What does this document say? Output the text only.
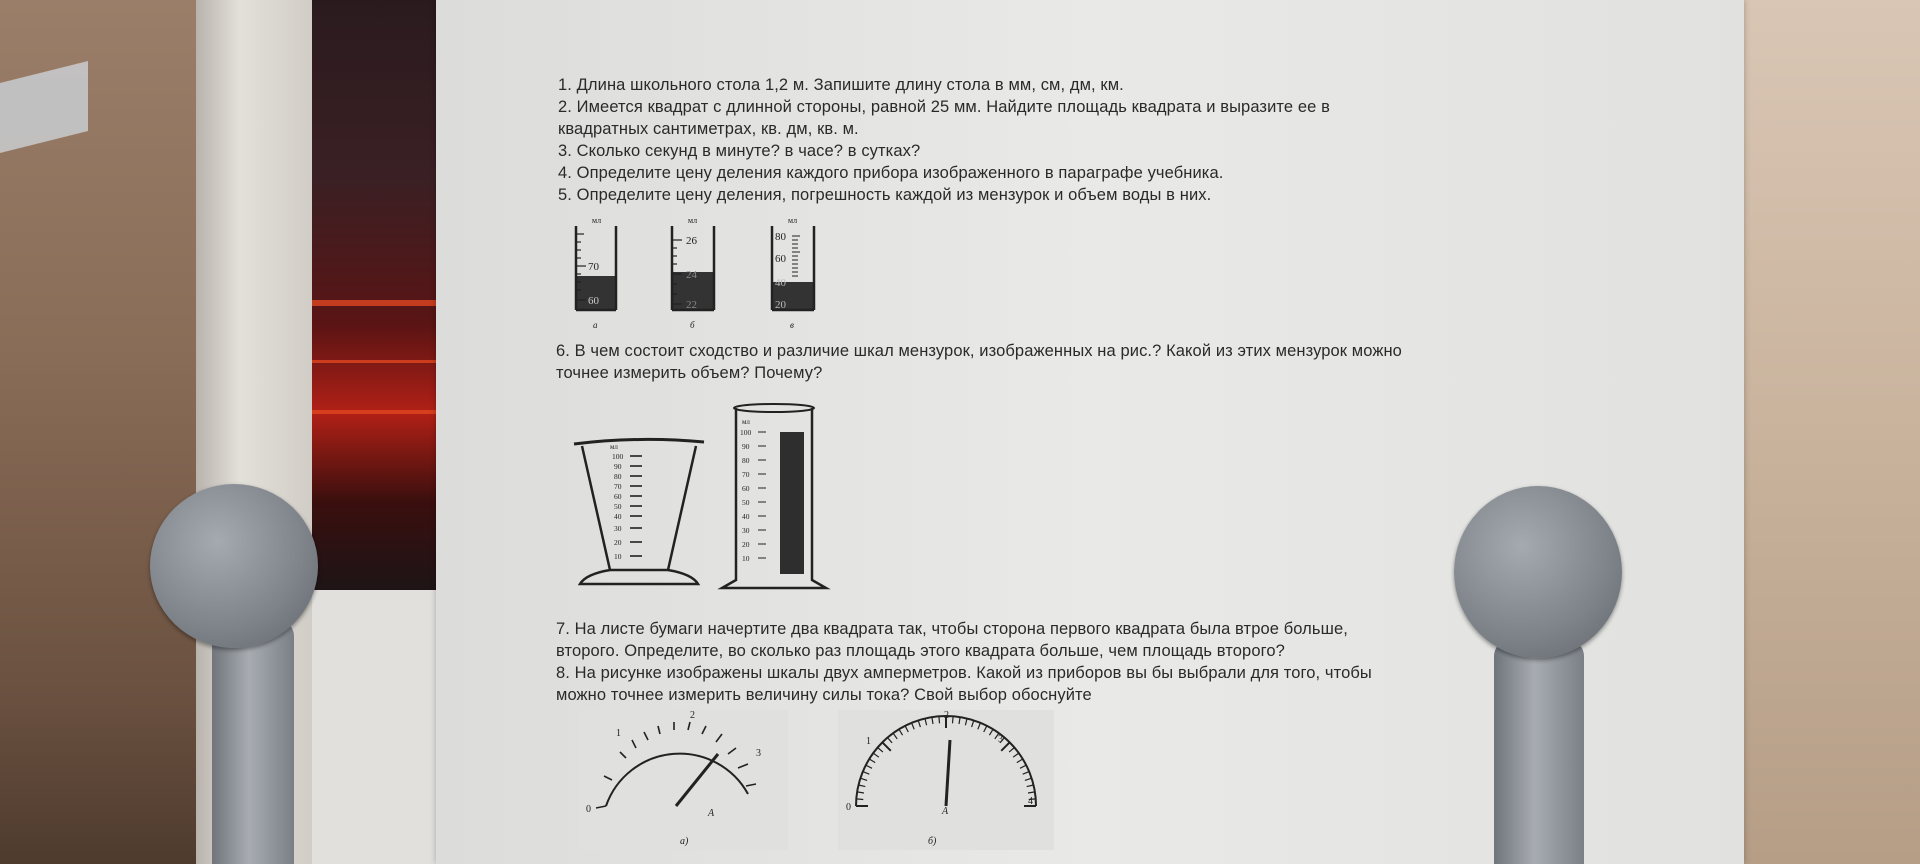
1. Длина школьного стола 1,2 м. Запишите длину стола в мм, см, дм, км.
2. Имеется квадрат с длинной стороны, равной 25 мм. Найдите площадь квадрата и выразите ее в
квадратных сантиметрах, кв. дм, кв. м.
3. Сколько секунд в минуте? в часе? в сутках?
4. Определите цену деления каждого прибора изображенного в параграфе учебника.
5. Определите цену деления, погрешность каждой из мензурок и объем воды в них.
мл
70
60
а
мл
26
24
22
б
мл
80
60
40
20
в
6. В чем состоит сходство и различие шкал мензурок, изображенных на рис.? Какой из этих мензурок можно
точнее измерить объем? Почему?
мл
100
90
80
70
60
50
40
30
20
10
мл
100
90
80
70
60
50
40
30
20
10
7. На листе бумаги начертите два квадрата так, чтобы сторона первого квадрата была втрое больше,
второго. Определите, во сколько раз площадь этого квадрата больше, чем площадь второго?
8. На рисунке изображены шкалы двух амперметров. Какой из приборов вы бы выбрали для того, чтобы
можно точнее измерить величину силы тока? Свой выбор обоснуйте
0
1
2
3
А
а)
0
1
2
3
4
А
б)
